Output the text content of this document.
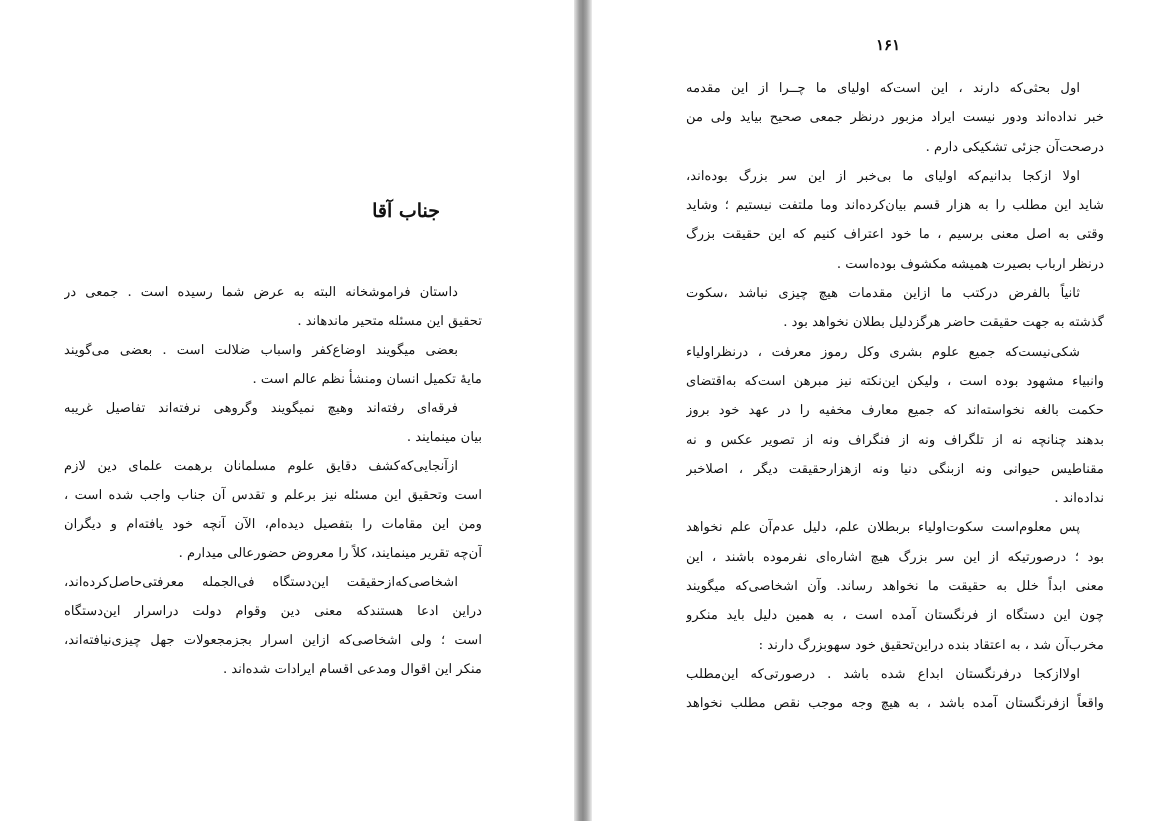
جناب آقا
داستان فراموشخانه البته به عرض شما رسیده است . جمعی در
تحقیق این مسئله متحیر ماندهاند .
بعضی میگویند اوضاع‌کفر واسباب ضلالت است . بعضی می‌گویند
مایهٔ تکمیل انسان ومنشأ نظم عالم است .
فرقه‌ای رفته‌اند وهیچ نمیگویند وگروهی نرفته‌اند تفاصیل غریبه
بیان مینمایند .
ازآنجایی‌که‌کشف دقایق علوم مسلمانان برهمت علمای دین لازم
است وتحقیق این مسئله نیز برعلم و تقدس آن جناب واجب شده است ،
ومن این مقامات را بتفصیل دیده‌ام، الآن آنچه خود یافته‌ام و دیگران
آن‌چه تقریر مینمایند، کلاً را معروض حضورعالی میدارم .
اشخاصی‌که‌ازحقیقت این‌دستگاه فی‌الجمله معرفتی‌حاصل‌کرده‌اند،
دراین ادعا هستندکه معنی دین وقوام دولت دراسرار این‌دستگاه
است ؛ ولی اشخاصی‌که ازاین اسرار بجزمجعولات جهل چیزی‌نیافته‌اند،
منکر این اقوال ومدعی اقسام ایرادات شده‌اند .
۱۶۱
اول بحثی‌که دارند ، این است‌که اولیای ما چــرا از این مقدمه
خبر نداده‌اند ودور نیست ایراد مزبور درنظر جمعی صحیح بیاید ولی من
درصحت‌آن جزئی تشکیکی دارم .
اولا ازکجا بدانیم‌که اولیای ما بی‌خبر از این سر بزرگ بوده‌اند،
شاید این مطلب را به هزار قسم بیان‌کرده‌اند وما ملتفت نیستیم ؛ وشاید
وقتی به اصل معنی برسیم ، ما خود اعتراف کنیم که این حقیقت بزرگ
درنظر ارباب بصیرت همیشه مکشوف بوده‌است .
ثانیاً بالفرض درکتب ما ازاین مقدمات هیچ چیزی نباشد ،سکوت
گذشته به جهت حقیقت حاضر هرگزدلیل بطلان نخواهد بود .
شکی‌نیست‌که جمیع علوم بشری وکل رموز معرفت ، درنظراولیاء
وانبیاء مشهود بوده است ، ولیکن این‌نکته نیز مبرهن است‌که به‌اقتضای
حکمت بالغه نخواسته‌اند که جمیع معارف مخفیه را در عهد خود بروز
بدهند چنانچه نه از تلگراف ونه از فنگراف ونه از تصویر عکس و نه
مقناطیس حیوانی ونه ازبنگی دنیا ونه ازهزارحقیقت دیگر ، اصلاخبر
نداده‌اند .
پس معلوم‌است سکوت‌اولیاء بربطلان علم، دلیل عدم‌آن علم نخواهد
بود ؛ درصورتیکه از این سر بزرگ هیچ اشاره‌ای نفرموده باشند ، این
معنی ابداً خلل به حقیقت ما نخواهد رساند. وآن اشخاصی‌که میگویند
چون این دستگاه از فرنگستان آمده است ، به همین دلیل باید منکرو
مخرب‌آن شد ، به اعتقاد بنده دراین‌تحقیق خود سهوبزرگ دارند :
اولاازکجا درفرنگستان ابداع شده باشد . درصورتی‌که این‌مطلب
واقعاً ازفرنگستان آمده باشد ، به هیچ وجه موجب نقص مطلب نخواهد
